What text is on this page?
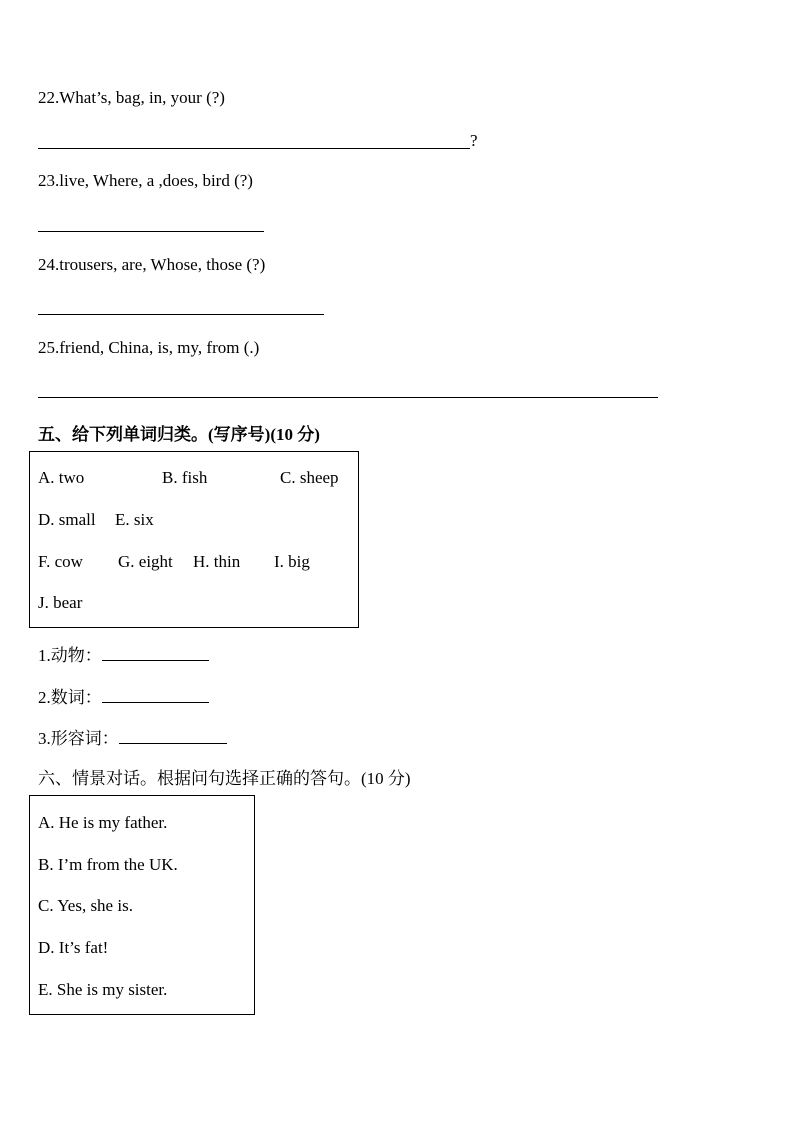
22.What’s, bag, in, your (?)
?
23.live, Where, a ,does, bird (?)
24.trousers, are, Whose, those (?)
25.friend, China, is, my, from (.)
五、给下列单词归类。(写序号)(10 分)
A. two	B. fish	C. sheep
D. small E. six
F. cow G. eight H. thin I. big
J. bear
1.动物：
2.数词：
3.形容词：
六、情景对话。根据问句选择正确的答句。(10 分)
A. He is my father.
B. I’m from the UK.
C. Yes, she is.
D. It’s fat!
E. She is my sister.
